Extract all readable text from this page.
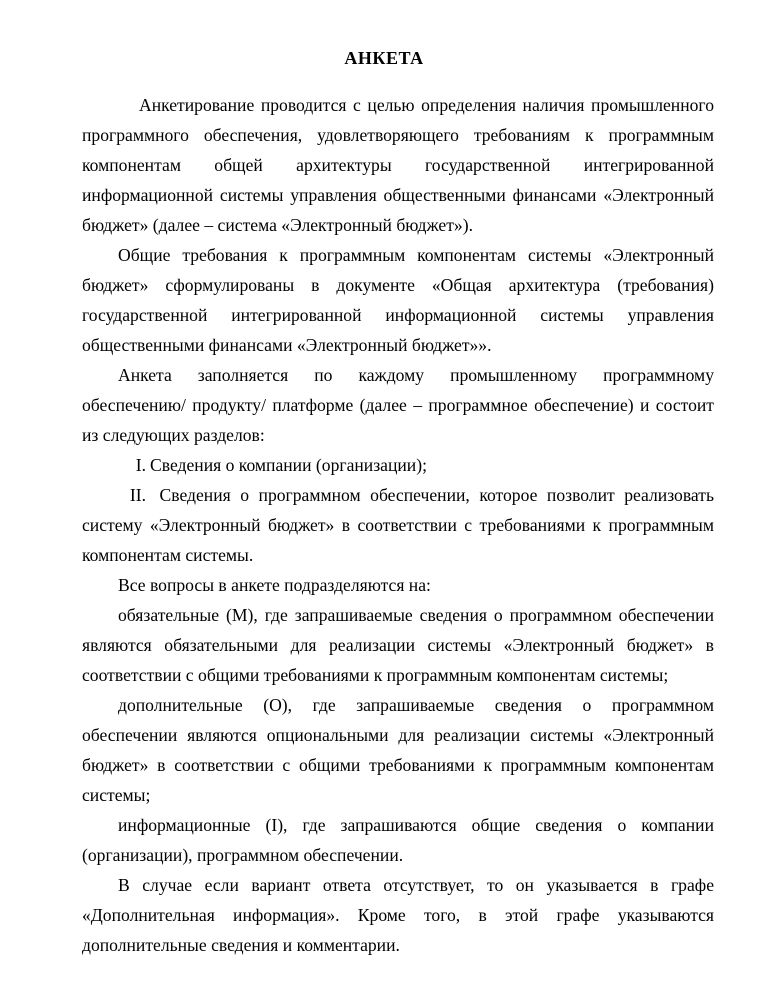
АНКЕТА

Анкетирование проводится с целью определения наличия промышленного программного обеспечения, удовлетворяющего требованиям к программным компонентам общей архитектуры государственной интегрированной информационной системы управления общественными финансами «Электронный бюджет» (далее – система «Электронный бюджет»).

Общие требования к программным компонентам системы «Электронный бюджет» сформулированы в документе «Общая архитектура (требования) государственной интегрированной информационной системы управления общественными финансами «Электронный бюджет»».

Анкета заполняется по каждому промышленному программному обеспечению/ продукту/ платформе (далее – программное обеспечение) и состоит из следующих разделов:

I. Сведения о компании (организации);

II. Сведения о программном обеспечении, которое позволит реализовать систему «Электронный бюджет» в соответствии с требованиями к программным компонентам системы.

Все вопросы в анкете подразделяются на:

обязательные (M), где запрашиваемые сведения о программном обеспечении являются обязательными для реализации системы «Электронный бюджет» в соответствии с общими требованиями к программным компонентам системы;

дополнительные (O), где запрашиваемые сведения о программном обеспечении являются опциональными для реализации системы «Электронный бюджет» в соответствии с общими требованиями к программным компонентам системы;

информационные (I), где запрашиваются общие сведения о компании (организации), программном обеспечении.

В случае если вариант ответа отсутствует, то он указывается в графе «Дополнительная информация». Кроме того, в этой графе указываются дополнительные сведения и комментарии.
